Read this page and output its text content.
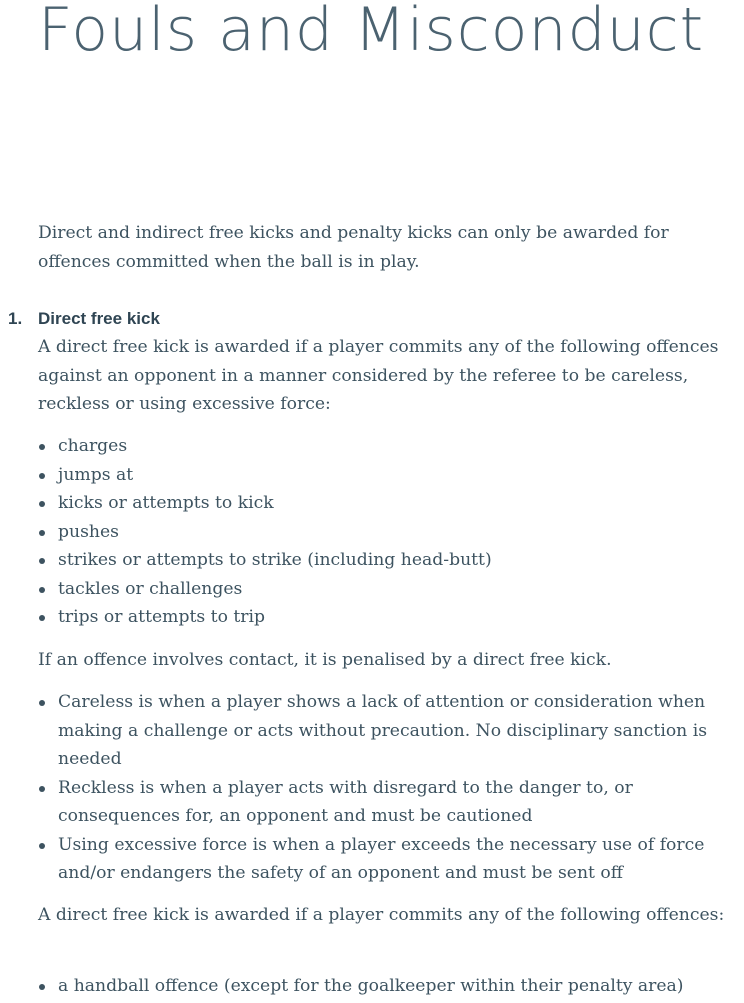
Fouls and Misconduct

Direct and indirect free kicks and penalty kicks can only be awarded for offences committed when the ball is in play.

1. Direct free kick

A direct free kick is awarded if a player commits any of the following offences against an opponent in a manner considered by the referee to be careless, reckless or using excessive force:

charges
jumps at
kicks or attempts to kick
pushes
strikes or attempts to strike (including head-butt)
tackles or challenges
trips or attempts to trip

If an offence involves contact, it is penalised by a direct free kick.

Careless is when a player shows a lack of attention or consideration when making a challenge or acts without precaution. No disciplinary sanction is needed
Reckless is when a player acts with disregard to the danger to, or consequences for, an opponent and must be cautioned
Using excessive force is when a player exceeds the necessary use of force and/or endangers the safety of an opponent and must be sent off

A direct free kick is awarded if a player commits any of the following offences:

a handball offence (except for the goalkeeper within their penalty area)
